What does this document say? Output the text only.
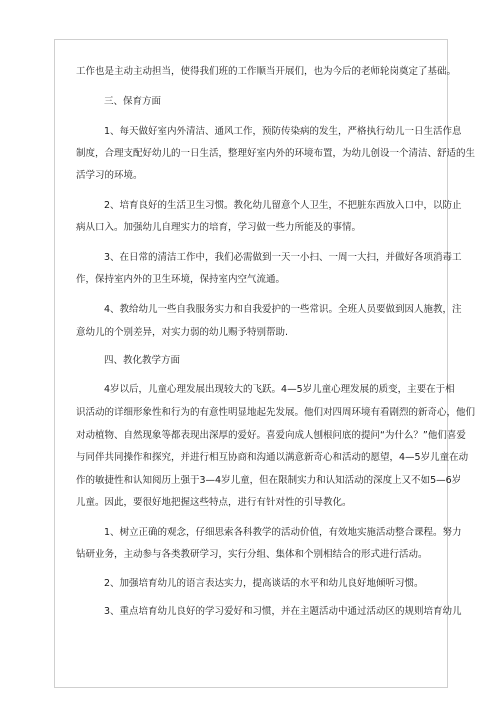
工作也是主动主动担当，使得我们班的工作顺当开展们，也为今后的老师轮岗奠定了基础。
三、保育方面
1、每天做好室内外清洁、通风工作，预防传染病的发生，严格执行幼儿一日生活作息
制度，合理支配好幼儿的一日生活，整理好室内外的环境布置，为幼儿创设一个清洁、舒适的生
活学习的环境。
2、培育良好的生活卫生习惯。教化幼儿留意个人卫生，不把脏东西放入口中，以防止
病从口入。加强幼儿自理实力的培育，学习做一些力所能及的事情。
3、在日常的清洁工作中，我们必需做到一天一小扫、一周一大扫，并做好各项消毒工
作，保持室内外的卫生环境，保持室内空气流通。
4、教给幼儿一些自我服务实力和自我爱护的一些常识。全班人员要做到因人施教，注
意幼儿的个别差异，对实力弱的幼儿赐予特别帮助.
四、教化教学方面
4岁以后，儿童心理发展出现较大的飞跃。4—5岁儿童心理发展的质变，主要在于相
识活动的详细形象性和行为的有意性明显地起先发展。他们对四周环境有看剧烈的新奇心，他们
对动植物、自然现象等都表现出深厚的爱好。喜爱向成人刨根问底的提问“为什么？”他们喜爱
与同伴共同操作和探究，并进行相互协商和沟通以满意新奇心和活动的愿望，4—5岁儿童在动
作的敏捷性和认知阅历上强于3—4岁儿童，但在限制实力和认知活动的深度上又不如5—6岁
儿童。因此，要很好地把握这些特点，进行有针对性的引导教化。
1、树立正确的观念，仔细思索各科教学的活动价值，有效地实施活动整合课程。努力
钻研业务，主动参与各类教研学习，实行分组、集体和个别相结合的形式进行活动。
2、加强培育幼儿的语言表达实力，提高谈话的水平和幼儿良好地倾听习惯。
3、重点培育幼儿良好的学习爱好和习惯，并在主题活动中通过活动区的规则培育幼儿
